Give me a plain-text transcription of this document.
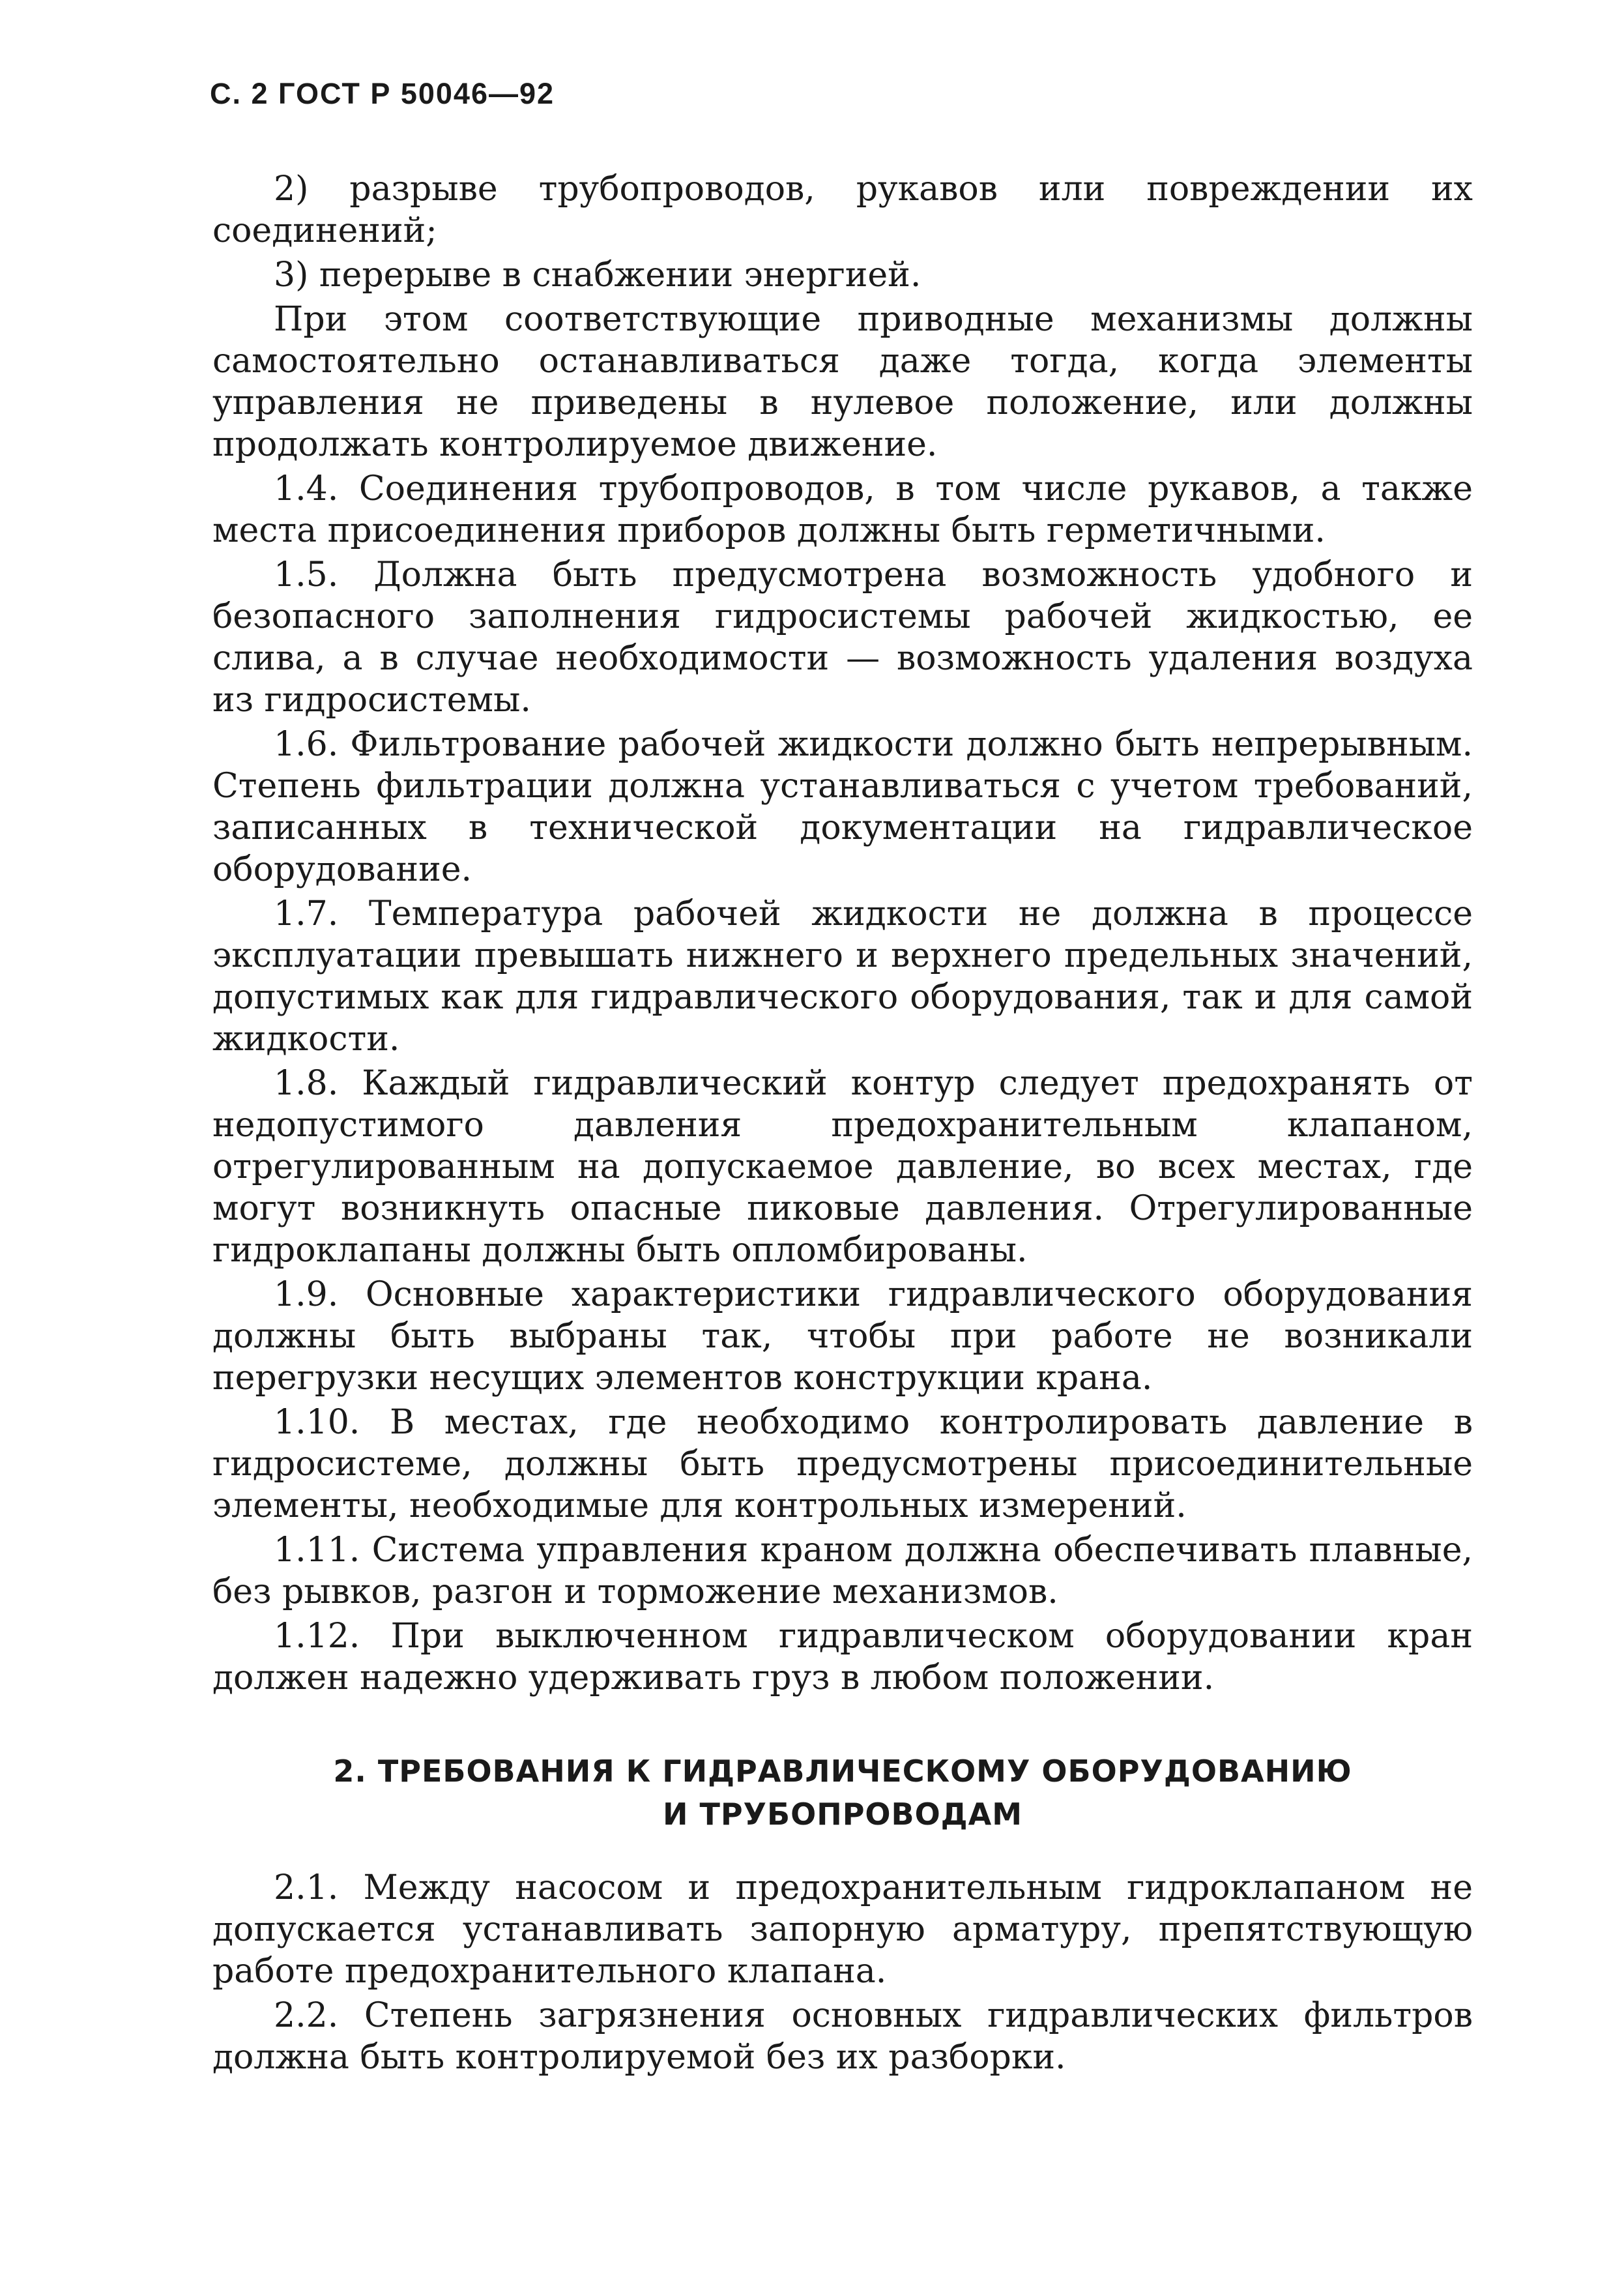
С. 2 ГОСТ Р 50046—92

2) разрыве трубопроводов, рукавов или повреждении их соединений;

3) перерыве в снабжении энергией.

При этом соответствующие приводные механизмы должны самостоятельно останавливаться даже тогда, когда элементы управления не приведены в нулевое положение, или должны продолжать контролируемое движение.

1.4. Соединения трубопроводов, в том числе рукавов, а также места присоединения приборов должны быть герметичными.

1.5. Должна быть предусмотрена возможность удобного и безопасного заполнения гидросистемы рабочей жидкостью, ее слива, а в случае необходимости — возможность удаления воздуха из гидросистемы.

1.6. Фильтрование рабочей жидкости должно быть непрерывным. Степень фильтрации должна устанавливаться с учетом требований, записанных в технической документации на гидравлическое оборудование.

1.7. Температура рабочей жидкости не должна в процессе эксплуатации превышать нижнего и верхнего предельных значений, допустимых как для гидравлического оборудования, так и для самой жидкости.

1.8. Каждый гидравлический контур следует предохранять от недопустимого давления предохранительным клапаном, отрегулированным на допускаемое давление, во всех местах, где могут возникнуть опасные пиковые давления. Отрегулированные гидроклапаны должны быть опломбированы.

1.9. Основные характеристики гидравлического оборудования должны быть выбраны так, чтобы при работе не возникали перегрузки несущих элементов конструкции крана.

1.10. В местах, где необходимо контролировать давление в гидросистеме, должны быть предусмотрены присоединительные элементы, необходимые для контрольных измерений.

1.11. Система управления краном должна обеспечивать плавные, без рывков, разгон и торможение механизмов.

1.12. При выключенном гидравлическом оборудовании кран должен надежно удерживать груз в любом положении.

2. ТРЕБОВАНИЯ К ГИДРАВЛИЧЕСКОМУ ОБОРУДОВАНИЮ
И ТРУБОПРОВОДАМ

2.1. Между насосом и предохранительным гидроклапаном не допускается устанавливать запорную арматуру, препятствующую работе предохранительного клапана.

2.2. Степень загрязнения основных гидравлических фильтров должна быть контролируемой без их разборки.
